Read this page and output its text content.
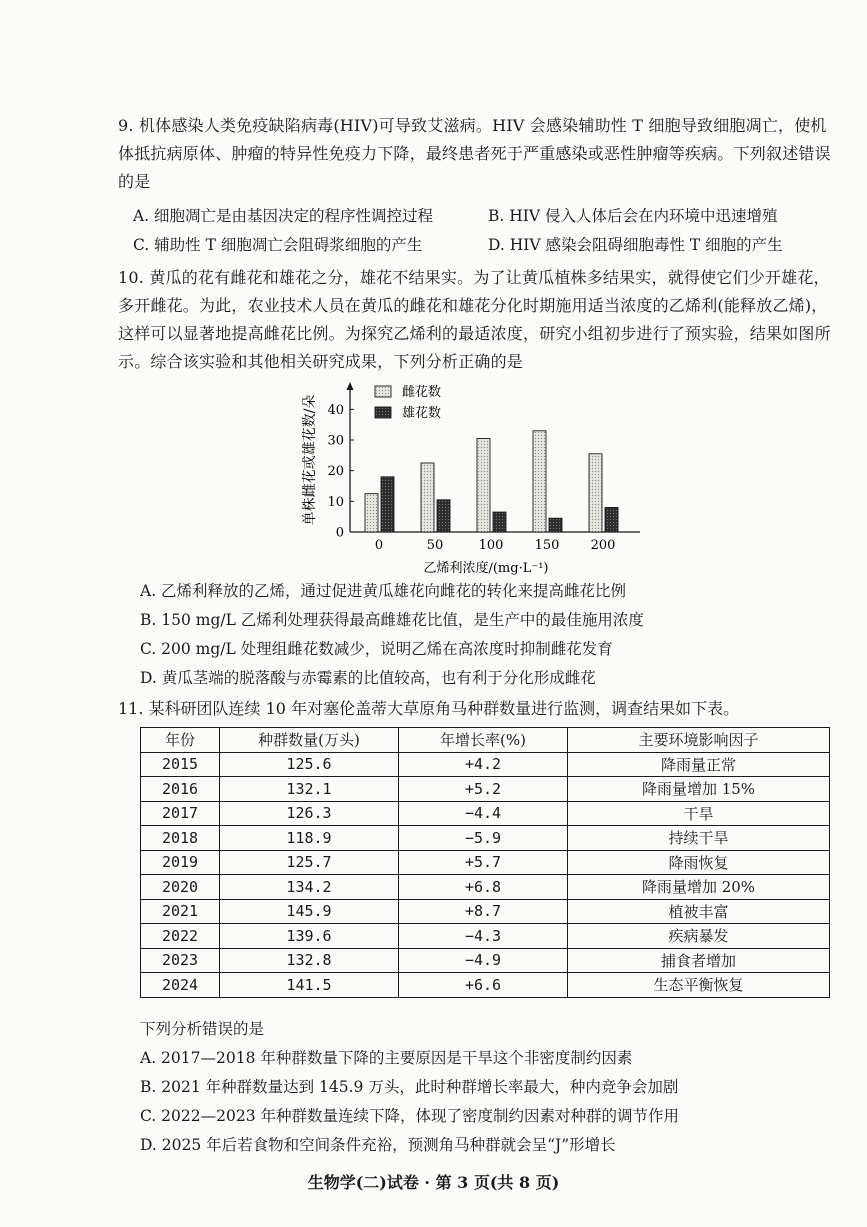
9. 机体感染人类免疫缺陷病毒(HIV)可导致艾滋病。HIV 会感染辅助性 T 细胞导致细胞凋亡，使机体抵抗病原体、肿瘤的特异性免疫力下降，最终患者死于严重感染或恶性肿瘤等疾病。下列叙述错误的是
A. 细胞凋亡是由基因决定的程序性调控过程	B. HIV 侵入人体后会在内环境中迅速增殖
C. 辅助性 T 细胞凋亡会阻碍浆细胞的产生	D. HIV 感染会阻碍细胞毒性 T 细胞的产生
10. 黄瓜的花有雌花和雄花之分，雄花不结果实。为了让黄瓜植株多结果实，就得使它们少开雄花，多开雌花。为此，农业技术人员在黄瓜的雌花和雄花分化时期施用适当浓度的乙烯利(能释放乙烯)，这样可以显著地提高雌花比例。为探究乙烯利的最适浓度，研究小组初步进行了预实验，结果如图所示。综合该实验和其他相关研究成果，下列分析正确的是
0
10
20
30
40
0	50	100 150 200
雌花数
雄花数
单株雌花或雄花数/朵
乙烯利浓度/(mg·L⁻¹)
A. 乙烯利释放的乙烯，通过促进黄瓜雄花向雌花的转化来提高雌花比例
B. 150 mg/L 乙烯利处理获得最高雌雄花比值，是生产中的最佳施用浓度
C. 200 mg/L 处理组雌花数减少，说明乙烯在高浓度时抑制雌花发育
D. 黄瓜茎端的脱落酸与赤霉素的比值较高，也有利于分化形成雌花
11. 某科研团队连续 10 年对塞伦盖蒂大草原角马种群数量进行监测，调查结果如下表。
年份	种群数量(万头)	年增长率(%)	主要环境影响因子
2015	125.6	+4.2	降雨量正常
2016	132.1	+5.2	降雨量增加 15%
2017	126.3	−4.4	干旱
2018	118.9	−5.9	持续干旱
2019	125.7	+5.7	降雨恢复
2020	134.2	+6.8	降雨量增加 20%
2021	145.9	+8.7	植被丰富
2022	139.6	−4.3	疾病暴发
2023	132.8	−4.9	捕食者增加
2024	141.5	+6.6	生态平衡恢复
下列分析错误的是
A. 2017—2018 年种群数量下降的主要原因是干旱这个非密度制约因素
B. 2021 年种群数量达到 145.9 万头，此时种群增长率最大，种内竞争会加剧
C. 2022—2023 年种群数量连续下降，体现了密度制约因素对种群的调节作用
D. 2025 年后若食物和空间条件充裕，预测角马种群就会呈“J”形增长
生物学(二)试卷 · 第 3 页(共 8 页)
